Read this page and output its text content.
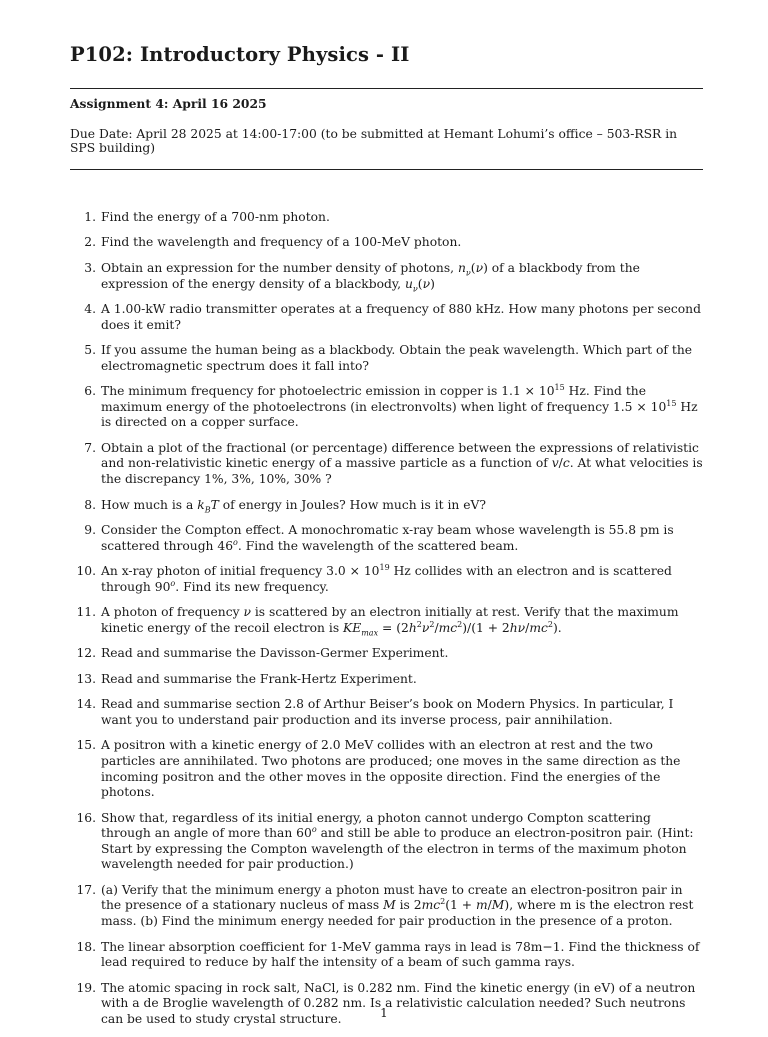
P102: Introductory Physics - II
Assignment 4: April 16 2025
Due Date: April 28 2025 at 14:00-17:00 (to be submitted at Hemant Lohumi’s office – 503-RSR in SPS building)
1. Find the energy of a 700-nm photon.
2. Find the wavelength and frequency of a 100-MeV photon.
3. Obtain an expression for the number density of photons, $n_\nu(\nu)$ of a blackbody from the expression of the energy density of a blackbody, $u_\nu(\nu)$
4. A 1.00-kW radio transmitter operates at a frequency of 880 kHz. How many photons per second does it emit?
5. If you assume the human being as a blackbody. Obtain the peak wavelength. Which part of the electromagnetic spectrum does it fall into?
6. The minimum frequency for photoelectric emission in copper is $1.1 \times 10^{15}$ Hz. Find the maximum energy of the photoelectrons (in electronvolts) when light of frequency $1.5 \times 10^{15}$ Hz is directed on a copper surface.
7. Obtain a plot of the fractional (or percentage) difference between the expressions of relativistic and non-relativistic kinetic energy of a massive particle as a function of v/c. At what velocities is the discrepancy 1%, 3%, 10%, 30% ?
8. How much is a $k_BT$ of energy in Joules? How much is it in eV?
9. Consider the Compton effect. A monochromatic x-ray beam whose wavelength is 55.8 pm is scattered through 46$^o$. Find the wavelength of the scattered beam.
10. An x-ray photon of initial frequency $3.0 \times 10^{19}$ Hz collides with an electron and is scattered through 90$^o$. Find its new frequency.
11. A photon of frequency ν is scattered by an electron initially at rest. Verify that the maximum kinetic energy of the recoil electron is $KE_{max} = (2h^2\nu^2/mc^2)/(1 + 2h\nu/mc^2)$.
12. Read and summarise the Davisson-Germer Experiment.
13. Read and summarise the Frank-Hertz Experiment.
14. Read and summarise section 2.8 of Arthur Beiser’s book on Modern Physics. In particular, I want you to understand pair production and its inverse process, pair annihilation.
15. A positron with a kinetic energy of 2.0 MeV collides with an electron at rest and the two particles are annihilated. Two photons are produced; one moves in the same direction as the incoming positron and the other moves in the opposite direction. Find the energies of the photons.
16. Show that, regardless of its initial energy, a photon cannot undergo Compton scattering through an angle of more than 60$^o$ and still be able to produce an electron-positron pair. (Hint: Start by expressing the Compton wavelength of the electron in terms of the maximum photon wavelength needed for pair production.)
17. (a) Verify that the minimum energy a photon must have to create an electron-positron pair in the presence of a stationary nucleus of mass M is $2mc^2(1 + m/M)$, where m is the electron rest mass. (b) Find the minimum energy needed for pair production in the presence of a proton.
18. The linear absorption coefficient for 1-MeV gamma rays in lead is 78m−1. Find the thickness of lead required to reduce by half the intensity of a beam of such gamma rays.
19. The atomic spacing in rock salt, NaCl, is 0.282 nm. Find the kinetic energy (in eV) of a neutron with a de Broglie wavelength of 0.282 nm. Is a relativistic calculation needed? Such neutrons can be used to study crystal structure.	1
